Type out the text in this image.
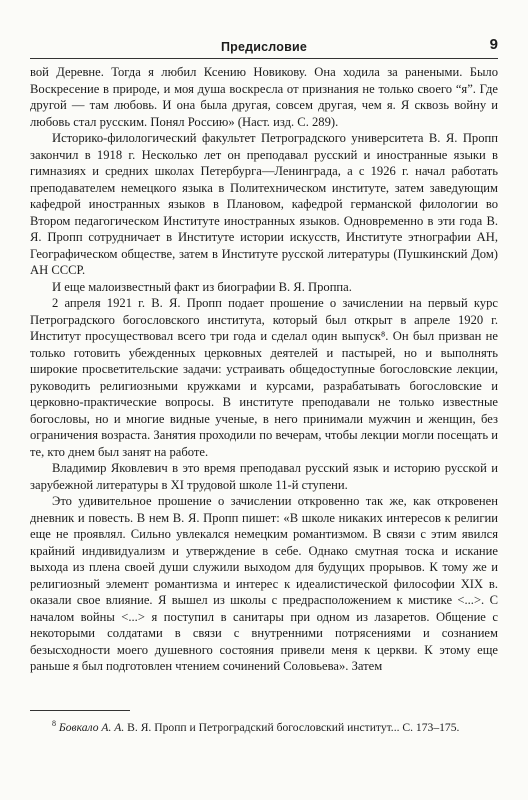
Предисловие	9

вой Деревне. Тогда я любил Ксению Новикову. Она ходила за ранеными. Было Воскресение в природе, и моя душа воскресла от признания не только своего “я”. Где другой — там любовь. И она была другая, совсем другая, чем я. Я сквозь войну и любовь стал русским. Понял Россию» (Наст. изд. С. 289).

Историко-филологический факультет Петроградского университета В. Я. Пропп закончил в 1918 г. Несколько лет он преподавал русский и иностранные языки в гимназиях и средних школах Петербурга—Ленинграда, а с 1926 г. начал работать преподавателем немецкого языка в Политехническом институте, затем заведующим кафедрой иностранных языков в Плановом, кафедрой германской филологии во Втором педагогическом Институте иностранных языков. Одновременно в эти года В. Я. Пропп сотрудничает в Институте истории искусств, Институте этнографии АН, Географическом обществе, затем в Институте русской литературы (Пушкинский Дом) АН СССР.

И еще малоизвестный факт из биографии В. Я. Проппа.

2 апреля 1921 г. В. Я. Пропп подает прошение о зачислении на первый курс Петроградского богословского института, который был открыт в апреле 1920 г. Институт просуществовал всего три года и сделал один выпуск⁸. Он был призван не только готовить убежденных церковных деятелей и пастырей, но и выполнять широкие просветительские задачи: устраивать общедоступные богословские лекции, руководить религиозными кружками и курсами, разрабатывать богословские и церковно-практические вопросы. В институте преподавали не только известные богословы, но и многие видные ученые, в него принимали мужчин и женщин, без ограничения возраста. Занятия проходили по вечерам, чтобы лекции могли посещать и те, кто днем был занят на работе.

Владимир Яковлевич в это время преподавал русский язык и историю русской и зарубежной литературы в XI трудовой школе 11-й ступени.

Это удивительное прошение о зачислении откровенно так же, как откровенен дневник и повесть. В нем В. Я. Пропп пишет: «В школе никаких интересов к религии еще не проявлял. Сильно увлекался немецким романтизмом. В связи с этим явился крайний индивидуализм и утверждение в себе. Однако смутная тоска и искание выхода из плена своей души служили выходом для будущих прорывов. К тому же и религиозный элемент романтизма и интерес к идеалистической философии XIX в. оказали свое влияние. Я вышел из школы с предрасположением к мистике <...>. С началом войны <...> я поступил в санитары при одном из лазаретов. Общение с некоторыми солдатами в связи с внутренними потрясениями и сознанием безысходности моего душевного состояния привели меня к церкви. К этому еще раньше я был подготовлен чтением сочинений Соловьева». Затем

$^8$ Бовкало А. А. В. Я. Пропп и Петроградский богословский институт... С. 173–175.
